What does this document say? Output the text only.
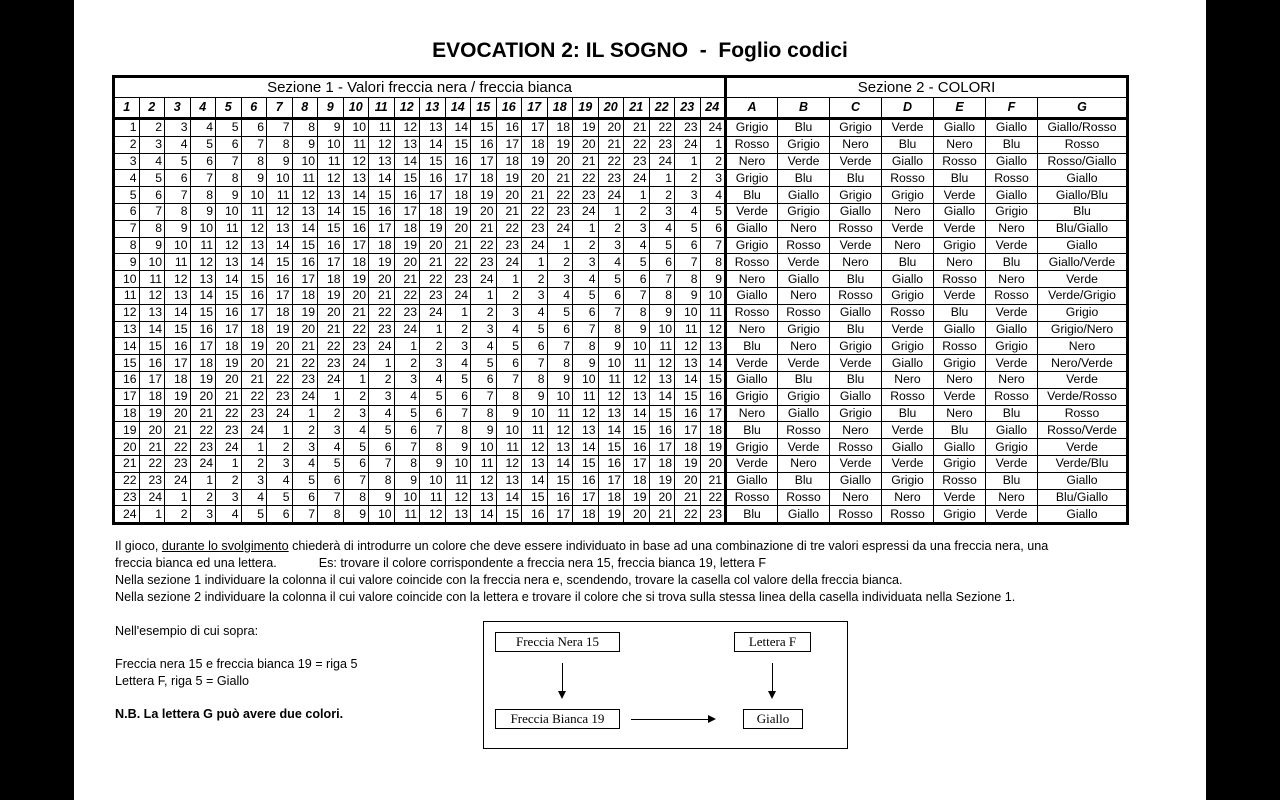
EVOCATION 2: IL SOGNO  -  Foglio codici
Sezione 1 - Valori freccia nera / freccia bianca																								Sezione 2 - COLORI						
1	2	3	4	5	6	7	8	9	10	11	12	13	14	15	16	17	18	19	20	21	22	23	24	A	B	C	D	E	F	G
1	2	3	4	5	6	7	8	9	10	11	12	13	14	15	16	17	18	19	20	21	22	23	24	Grigio	Blu	Grigio	Verde	Giallo	Giallo	Giallo/Rosso
2	3	4	5	6	7	8	9	10	11	12	13	14	15	16	17	18	19	20	21	22	23	24	1	Rosso	Grigio	Nero	Blu	Nero	Blu	Rosso
3	4	5	6	7	8	9	10	11	12	13	14	15	16	17	18	19	20	21	22	23	24	1	2	Nero	Verde	Verde	Giallo	Rosso	Giallo	Rosso/Giallo
4	5	6	7	8	9	10	11	12	13	14	15	16	17	18	19	20	21	22	23	24	1	2	3	Grigio	Blu	Blu	Rosso	Blu	Rosso	Giallo
5	6	7	8	9	10	11	12	13	14	15	16	17	18	19	20	21	22	23	24	1	2	3	4	Blu	Giallo	Grigio	Grigio	Verde	Giallo	Giallo/Blu
6	7	8	9	10	11	12	13	14	15	16	17	18	19	20	21	22	23	24	1	2	3	4	5	Verde	Grigio	Giallo	Nero	Giallo	Grigio	Blu
7	8	9	10	11	12	13	14	15	16	17	18	19	20	21	22	23	24	1	2	3	4	5	6	Giallo	Nero	Rosso	Verde	Verde	Nero	Blu/Giallo
8	9	10	11	12	13	14	15	16	17	18	19	20	21	22	23	24	1	2	3	4	5	6	7	Grigio	Rosso	Verde	Nero	Grigio	Verde	Giallo
9	10	11	12	13	14	15	16	17	18	19	20	21	22	23	24	1	2	3	4	5	6	7	8	Rosso	Verde	Nero	Blu	Nero	Blu	Giallo/Verde
10	11	12	13	14	15	16	17	18	19	20	21	22	23	24	1	2	3	4	5	6	7	8	9	Nero	Giallo	Blu	Giallo	Rosso	Nero	Verde
11	12	13	14	15	16	17	18	19	20	21	22	23	24	1	2	3	4	5	6	7	8	9	10	Giallo	Nero	Rosso	Grigio	Verde	Rosso	Verde/Grigio
12	13	14	15	16	17	18	19	20	21	22	23	24	1	2	3	4	5	6	7	8	9	10	11	Rosso	Rosso	Giallo	Rosso	Blu	Verde	Grigio
13	14	15	16	17	18	19	20	21	22	23	24	1	2	3	4	5	6	7	8	9	10	11	12	Nero	Grigio	Blu	Verde	Giallo	Giallo	Grigio/Nero
14	15	16	17	18	19	20	21	22	23	24	1	2	3	4	5	6	7	8	9	10	11	12	13	Blu	Nero	Grigio	Grigio	Rosso	Grigio	Nero
15	16	17	18	19	20	21	22	23	24	1	2	3	4	5	6	7	8	9	10	11	12	13	14	Verde	Verde	Verde	Giallo	Grigio	Verde	Nero/Verde
16	17	18	19	20	21	22	23	24	1	2	3	4	5	6	7	8	9	10	11	12	13	14	15	Giallo	Blu	Blu	Nero	Nero	Nero	Verde
17	18	19	20	21	22	23	24	1	2	3	4	5	6	7	8	9	10	11	12	13	14	15	16	Grigio	Grigio	Giallo	Rosso	Verde	Rosso	Verde/Rosso
18	19	20	21	22	23	24	1	2	3	4	5	6	7	8	9	10	11	12	13	14	15	16	17	Nero	Giallo	Grigio	Blu	Nero	Blu	Rosso
19	20	21	22	23	24	1	2	3	4	5	6	7	8	9	10	11	12	13	14	15	16	17	18	Blu	Rosso	Nero	Verde	Blu	Giallo	Rosso/Verde
20	21	22	23	24	1	2	3	4	5	6	7	8	9	10	11	12	13	14	15	16	17	18	19	Grigio	Verde	Rosso	Giallo	Giallo	Grigio	Verde
21	22	23	24	1	2	3	4	5	6	7	8	9	10	11	12	13	14	15	16	17	18	19	20	Verde	Nero	Verde	Verde	Grigio	Verde	Verde/Blu
22	23	24	1	2	3	4	5	6	7	8	9	10	11	12	13	14	15	16	17	18	19	20	21	Giallo	Blu	Giallo	Grigio	Rosso	Blu	Giallo
23	24	1	2	3	4	5	6	7	8	9	10	11	12	13	14	15	16	17	18	19	20	21	22	Rosso	Rosso	Nero	Nero	Verde	Nero	Blu/Giallo
24	1	2	3	4	5	6	7	8	9	10	11	12	13	14	15	16	17	18	19	20	21	22	23	Blu	Giallo	Rosso	Rosso	Grigio	Verde	Giallo
Il gioco, durante lo svolgimento chiederà di introdurre un colore che deve essere individuato in base ad una combinazione di tre valori espressi da una freccia nera, una
freccia bianca ed una lettera.            Es: trovare il colore corrispondente a freccia nera 15, freccia bianca 19, lettera F
Nella sezione 1 individuare la colonna il cui valore coincide con la freccia nera e, scendendo, trovare la casella col valore della freccia bianca.
Nella sezione 2 individuare la colonna il cui valore coincide con la lettera e trovare il colore che si trova sulla stessa linea della casella individuata nella Sezione 1.
Nell'esempio di cui sopra:
Freccia nera 15 e freccia bianca 19 = riga 5
Lettera F, riga 5 = Giallo
N.B. La lettera G può avere due colori.
Freccia Nera 15	Lettera F
Freccia Bianca 19	Giallo
